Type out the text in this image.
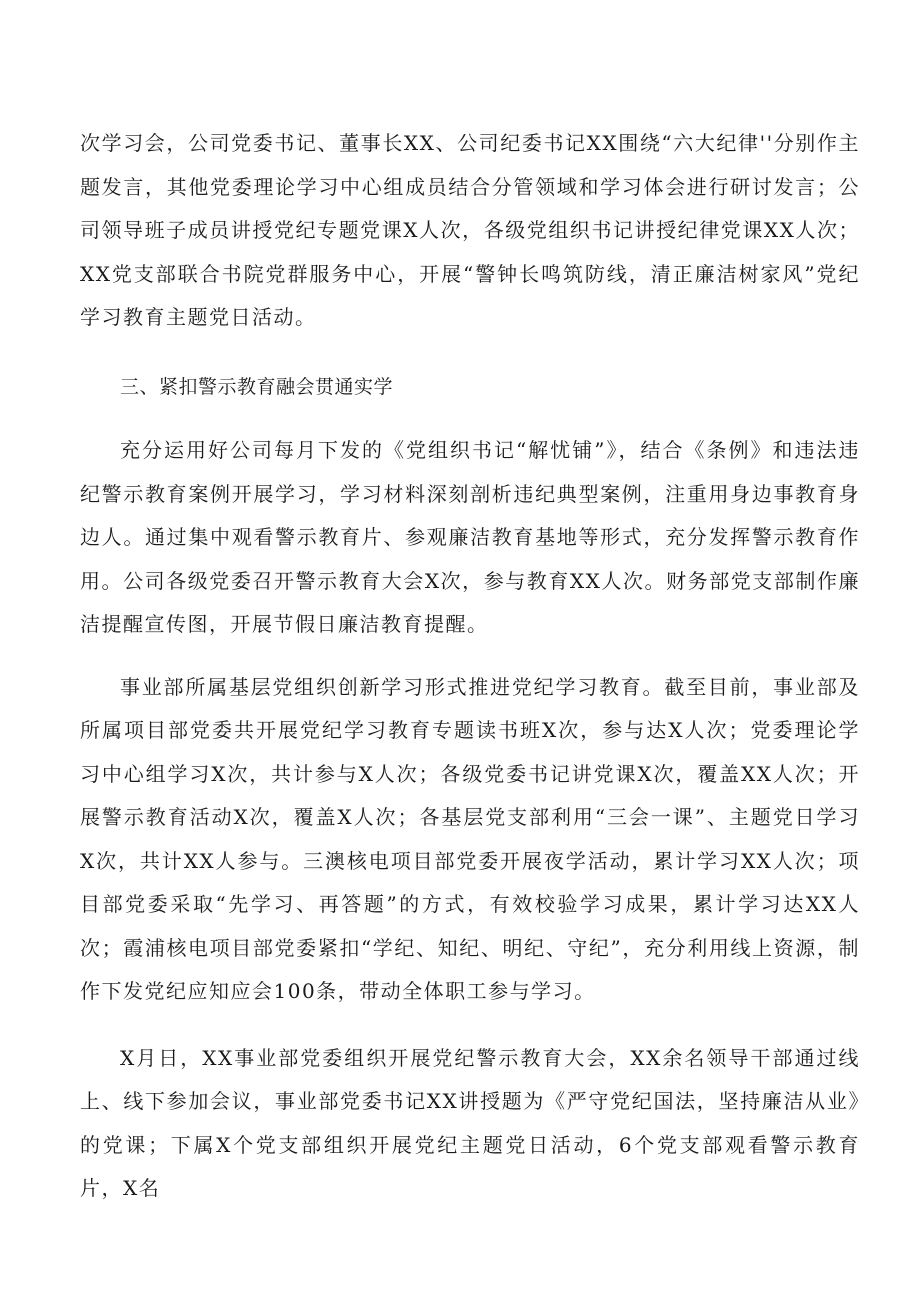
次学习会，公司党委书记、董事长XX、公司纪委书记XX围绕“六大纪律''分别作主题发言，其他党委理论学习中心组成员结合分管领域和学习体会进行研讨发言；公司领导班子成员讲授党纪专题党课X人次，各级党组织书记讲授纪律党课XX人次；XX党支部联合书院党群服务中心，开展“警钟长鸣筑防线，清正廉洁树家风”党纪学习教育主题党日活动。

三、紧扣警示教育融会贯通实学

充分运用好公司每月下发的《党组织书记“解忧铺”》，结合《条例》和违法违纪警示教育案例开展学习，学习材料深刻剖析违纪典型案例，注重用身边事教育身边人。通过集中观看警示教育片、参观廉洁教育基地等形式，充分发挥警示教育作用。公司各级党委召开警示教育大会X次，参与教育XX人次。财务部党支部制作廉洁提醒宣传图，开展节假日廉洁教育提醒。

事业部所属基层党组织创新学习形式推进党纪学习教育。截至目前，事业部及所属项目部党委共开展党纪学习教育专题读书班X次，参与达X人次；党委理论学习中心组学习X次，共计参与X人次；各级党委书记讲党课X次，覆盖XX人次；开展警示教育活动X次，覆盖X人次；各基层党支部利用“三会一课”、主题党日学习X次，共计XX人参与。三澳核电项目部党委开展夜学活动，累计学习XX人次；项目部党委采取“先学习、再答题”的方式，有效校验学习成果，累计学习达XX人次；霞浦核电项目部党委紧扣“学纪、知纪、明纪、守纪”，充分利用线上资源，制作下发党纪应知应会100条，带动全体职工参与学习。

X月日，XX事业部党委组织开展党纪警示教育大会，XX余名领导干部通过线上、线下参加会议，事业部党委书记XX讲授题为《严守党纪国法，坚持廉洁从业》的党课；下属X个党支部组织开展党纪主题党日活动，6个党支部观看警示教育片，X名
